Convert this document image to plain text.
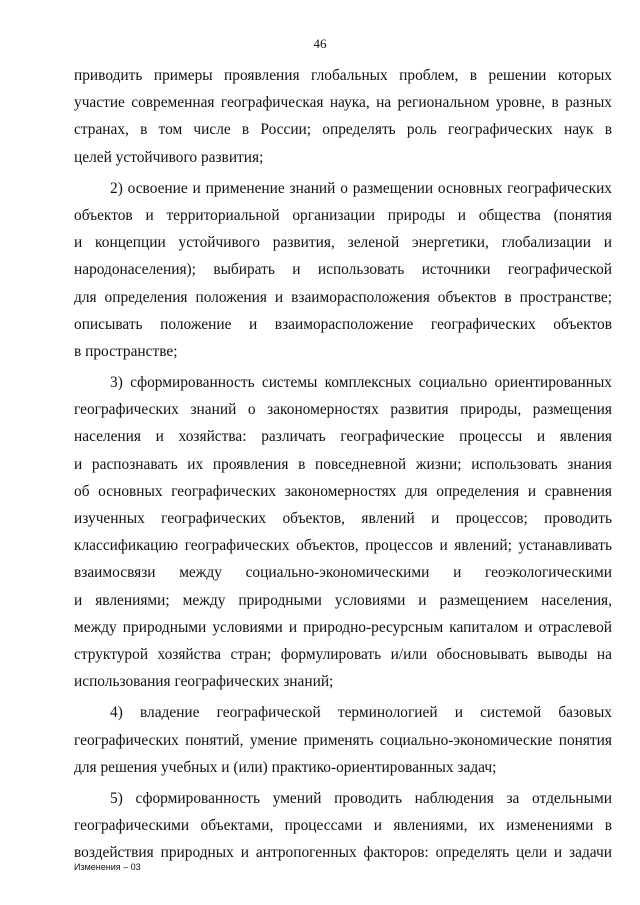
46
приводить примеры проявления глобальных проблем, в решении которых
участие современная географическая наука, на региональном уровне, в разных
странах, в том числе в России; определять роль географических наук в
целей устойчивого развития;
2) освоение и применение знаний о размещении основных географических
объектов и территориальной организации природы и общества (понятия
и концепции устойчивого развития, зеленой энергетики, глобализации и
народонаселения); выбирать и использовать источники географической
для определения положения и взаиморасположения объектов в пространстве;
описывать положение и взаиморасположение географических объектов
в пространстве;
3) сформированность системы комплексных социально ориентированных
географических знаний о закономерностях развития природы, размещения
населения и хозяйства: различать географические процессы и явления
и распознавать их проявления в повседневной жизни; использовать знания
об основных географических закономерностях для определения и сравнения
изученных географических объектов, явлений и процессов; проводить
классификацию географических объектов, процессов и явлений; устанавливать
взаимосвязи между социально-экономическими и геоэкологическими
и явлениями; между природными условиями и размещением населения,
между природными условиями и природно-ресурсным капиталом и отраслевой
структурой хозяйства стран; формулировать и/или обосновывать выводы на
использования географических знаний;
4) владение географической терминологией и системой базовых
географических понятий, умение применять социально-экономические понятия
для решения учебных и (или) практико-ориентированных задач;
5) сформированность умений проводить наблюдения за отдельными
географическими объектами, процессами и явлениями, их изменениями в
воздействия природных и антропогенных факторов: определять цели и задачи
Изменения – 03
